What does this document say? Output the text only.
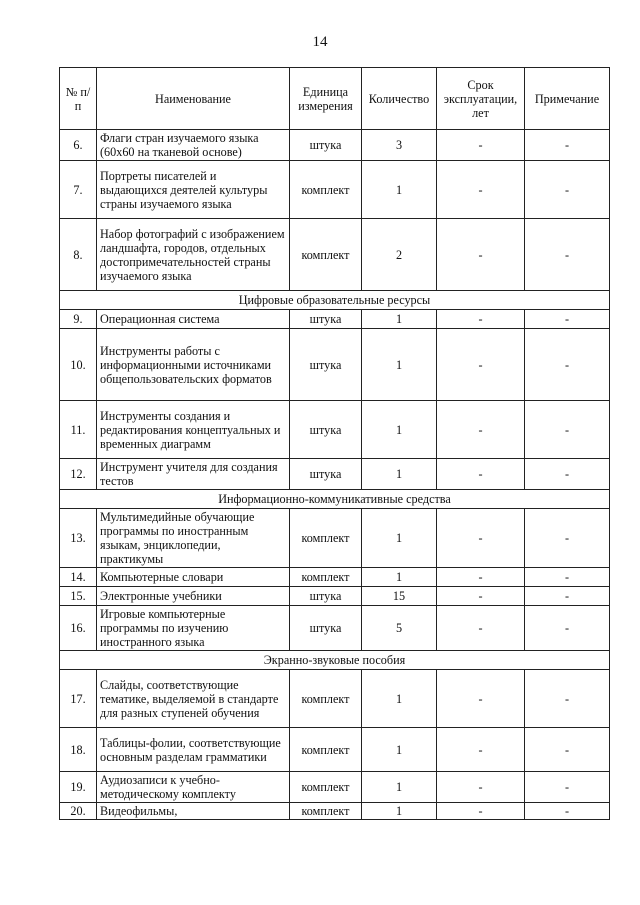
14
№ п/п	Наименование	Единица измерения	Количество	Срок эксплуатации, лет	Примечание
6.	Флаги стран изучаемого языка (60х60 на тканевой основе)	штука	3	-	-
7.	Портреты писателей и выдающихся деятелей культуры страны изучаемого языка	комплект	1	-	-
8.	Набор фотографий с изображением ландшафта, городов, отдельных достопримечательностей страны изучаемого языка	комплект	2	-	-
Цифровые образовательные ресурсы					
9.	Операционная система	штука	1	-	-
10.	Инструменты работы с информационными источниками общепользовательских форматов	штука	1	-	-
11.	Инструменты создания и редактирования концептуальных и временных диаграмм	штука	1	-	-
12.	Инструмент учителя для создания тестов	штука	1	-	-
Информационно-коммуникативные средства					
13.	Мультимедийные обучающие программы по иностранным языкам, энциклопедии, практикумы	комплект	1	-	-
14.	Компьютерные словари	комплект	1	-	-
15.	Электронные учебники	штука	15	-	-
16.	Игровые компьютерные программы по изучению иностранного языка	штука	5	-	-
Экранно-звуковые пособия					
17.	Слайды, соответствующие тематике, выделяемой в стандарте для разных ступеней обучения	комплект	1	-	-
18.	Таблицы-фолии, соответствующие основным разделам грамматики	комплект	1	-	-
19.	Аудиозаписи к учебно-методическому комплекту	комплект	1	-	-
20.	Видеофильмы,	комплект	1	-	-
